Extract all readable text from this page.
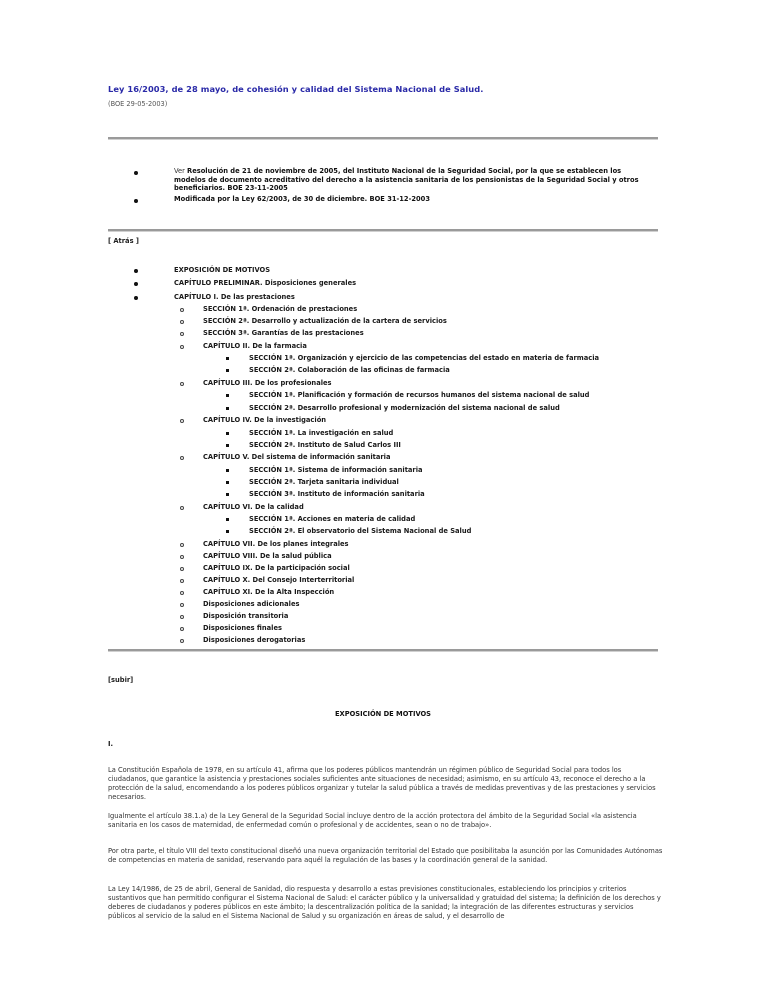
Ley 16/2003, de 28 mayo, de cohesión y calidad del Sistema Nacional de Salud.
(BOE 29-05-2003)
Ver Resolución de 21 de noviembre de 2005, del Instituto Nacional de la Seguridad Social, por la que se establecen los modelos de documento acreditativo del derecho a la asistencia sanitaria de los pensionistas de la Seguridad Social y otros beneficiarios. BOE 23-11-2005
Modificada por la Ley 62/2003, de 30 de diciembre. BOE 31-12-2003
[ Atrás ]
EXPOSICIÓN DE MOTIVOS
CAPÍTULO PRELIMINAR. Disposiciones generales
CAPÍTULO I. De las prestaciones
SECCIÓN 1ª. Ordenación de prestaciones
SECCIÓN 2ª. Desarrollo y actualización de la cartera de servicios
SECCIÓN 3ª. Garantías de las prestaciones
CAPÍTULO II. De la farmacia
SECCIÓN 1ª. Organización y ejercicio de las competencias del estado en materia de farmacia
SECCIÓN 2ª. Colaboración de las oficinas de farmacia
CAPÍTULO III. De los profesionales
SECCIÓN 1ª. Planificación y formación de recursos humanos del sistema nacional de salud
SECCIÓN 2ª. Desarrollo profesional y modernización del sistema nacional de salud
CAPÍTULO IV. De la investigación
SECCIÓN 1ª. La investigación en salud
SECCIÓN 2ª. Instituto de Salud Carlos III
CAPÍTULO V. Del sistema de información sanitaria
SECCIÓN 1ª. Sistema de información sanitaria
SECCIÓN 2ª. Tarjeta sanitaria individual
SECCIÓN 3ª. Instituto de información sanitaria
CAPÍTULO VI. De la calidad
SECCIÓN 1ª. Acciones en materia de calidad
SECCIÓN 2ª. El observatorio del Sistema Nacional de Salud
CAPÍTULO VII. De los planes integrales
CAPÍTULO VIII. De la salud pública
CAPÍTULO IX. De la participación social
CAPÍTULO X. Del Consejo Interterritorial
CAPÍTULO XI. De la Alta Inspección
Disposiciones adicionales
Disposición transitoria
Disposiciones finales
Disposiciones derogatorias
[subir]
EXPOSICIÓN DE MOTIVOS
I.

La Constitución Española de 1978, en su artículo 41, afirma que los poderes públicos mantendrán un régimen público de Seguridad Social para todos los ciudadanos, que garantice la asistencia y prestaciones sociales suficientes ante situaciones de necesidad; asimismo, en su artículo 43, reconoce el derecho a la protección de la salud, encomendando a los poderes públicos organizar y tutelar la salud pública a través de medidas preventivas y de las prestaciones y servicios necesarios.

Igualmente el artículo 38.1.a) de la Ley General de la Seguridad Social incluye dentro de la acción protectora del ámbito de la Seguridad Social «la asistencia sanitaria en los casos de maternidad, de enfermedad común o profesional y de accidentes, sean o no de trabajo».

Por otra parte, el título VIII del texto constitucional diseñó una nueva organización territorial del Estado que posibilitaba la asunción por las Comunidades Autónomas de competencias en materia de sanidad, reservando para aquél la regulación de las bases y la coordinación general de la sanidad.

La Ley 14/1986, de 25 de abril, General de Sanidad, dio respuesta y desarrollo a estas previsiones constitucionales, estableciendo los principios y criterios sustantivos que han permitido configurar el Sistema Nacional de Salud: el carácter público y la universalidad y gratuidad del sistema; la definición de los derechos y deberes de ciudadanos y poderes públicos en este ámbito; la descentralización política de la sanidad; la integración de las diferentes estructuras y servicios públicos al servicio de la salud en el Sistema Nacional de Salud y su organización en áreas de salud, y el desarrollo de
